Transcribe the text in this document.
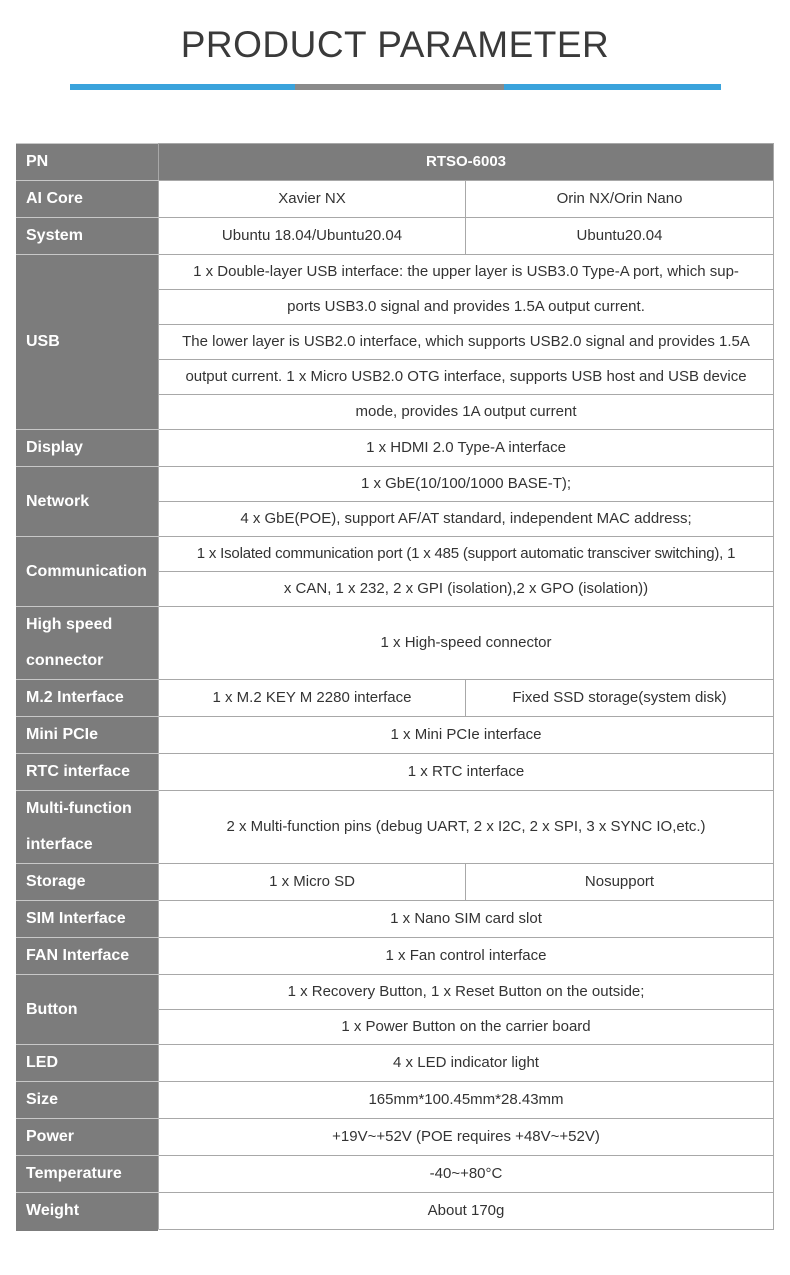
PRODUCT PARAMETER
PN	RTSO-6003	
AI Core	Xavier NX	Orin NX/Orin Nano
System	Ubuntu 18.04/Ubuntu20.04	Ubuntu20.04
USB	1 x Double-layer USB interface: the upper layer is USB3.0 Type-A port, which sup-	
	ports USB3.0 signal and provides 1.5A output current.	
	The lower layer is USB2.0 interface, which supports USB2.0 signal and provides 1.5A	
	output current. 1 x Micro USB2.0 OTG interface, supports USB host and USB device	
	mode, provides 1A output current	
Display	1 x HDMI 2.0 Type-A interface	
Network	1 x GbE(10/100/1000 BASE-T);	
	4 x GbE(POE), support AF/AT standard, independent MAC address;	
Communication	1 x Isolated communication port (1 x 485 (support automatic transciver switching), 1	
	x CAN, 1 x 232, 2 x GPI (isolation),2 x GPO (isolation))	
High speed connector	1 x High-speed connector	
M.2 Interface	1 x M.2 KEY M 2280 interface	Fixed SSD storage(system disk)
Mini PCIe	1 x Mini PCIe interface	
RTC interface	1 x RTC interface	
Multi-function interface	2 x Multi-function pins (debug UART, 2 x I2C, 2 x SPI, 3 x SYNC IO,etc.)	
Storage	1 x Micro SD	Nosupport
SIM Interface	1 x Nano SIM card slot	
FAN Interface	1 x Fan control interface	
Button	1 x Recovery Button, 1 x Reset Button on the outside;	
	1 x Power Button on the carrier board	
LED	4 x LED indicator light	
Size	165mm*100.45mm*28.43mm	
Power	+19V~+52V (POE requires +48V~+52V)	
Temperature	-40~+80°C	
Weight	About 170g	
